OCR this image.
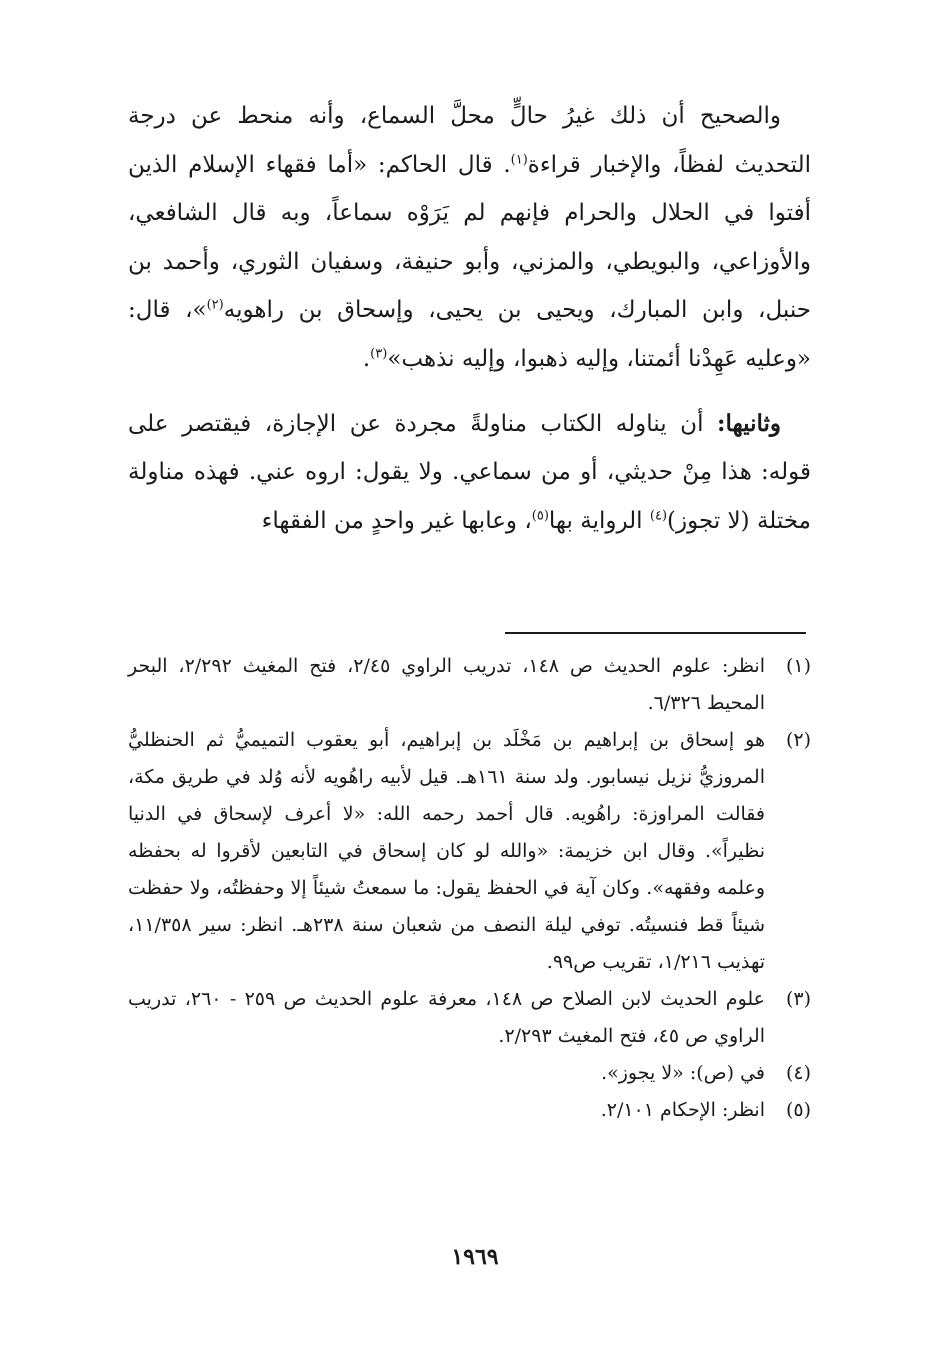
والصحيح أن ذلك غيرُ حالٍّ محلَّ السماع، وأنه منحط عن درجة التحديث لفظاً، والإخبار قراءة$^{(١)}$. قال الحاكم: «أما فقهاء الإسلام الذين أفتوا في الحلال والحرام فإنهم لم يَرَوْه سماعاً، وبه قال الشافعي، والأوزاعي، والبويطي، والمزني، وأبو حنيفة، وسفيان الثوري، وأحمد بن حنبل، وابن المبارك، ويحيى بن يحيى، وإسحاق بن راهويه$^{(٢)}$»، قال: «وعليه عَهِدْنا أئمتنا، وإليه ذهبوا، وإليه نذهب»$^{(٣)}$.

وثانيها: أن يناوله الكتاب مناولةً مجردة عن الإجازة، فيقتصر على قوله: هذا مِنْ حديثي، أو من سماعي. ولا يقول: اروه عني. فهذه مناولة مختلة (لا تجوز)$^{(٤)}$ الرواية بها$^{(٥)}$، وعابها غير واحدٍ من الفقهاء

(١)
انظر: علوم الحديث ص ١٤٨، تدريب الراوي ٢/٤٥، فتح المغيث ٢/٢٩٢، البحر المحيط ٦/٣٢٦.
(٢)
هو إسحاق بن إبراهيم بن مَخْلَد بن إبراهيم، أبو يعقوب التميميُّ ثم الحنظليُّ المروزيُّ نزيل نيسابور. ولد سنة ١٦١هـ. قيل لأبيه راهُويه لأنه وُلد في طريق مكة، فقالت المراوزة: راهُويه. قال أحمد رحمه الله: «لا أعرف لإسحاق في الدنيا نظيراً». وقال ابن خزيمة: «والله لو كان إسحاق في التابعين لأقروا له بحفظه وعلمه وفقهه». وكان آية في الحفظ يقول: ما سمعتُ شيئاً إلا وحفظتُه، ولا حفظت شيئاً قط فنسيتُه. توفي ليلة النصف من شعبان سنة ٢٣٨هـ. انظر: سير ١١/٣٥٨، تهذيب ١/٢١٦، تقريب ص٩٩.
(٣)
علوم الحديث لابن الصلاح ص ١٤٨، معرفة علوم الحديث ص ٢٥٩ - ٢٦٠، تدريب الراوي ص ٤٥، فتح المغيث ٢/٢٩٣.
(٤)
في (ص): «لا يجوز».
(٥)
انظر: الإحكام ٢/١٠١.
١٩٦٩
